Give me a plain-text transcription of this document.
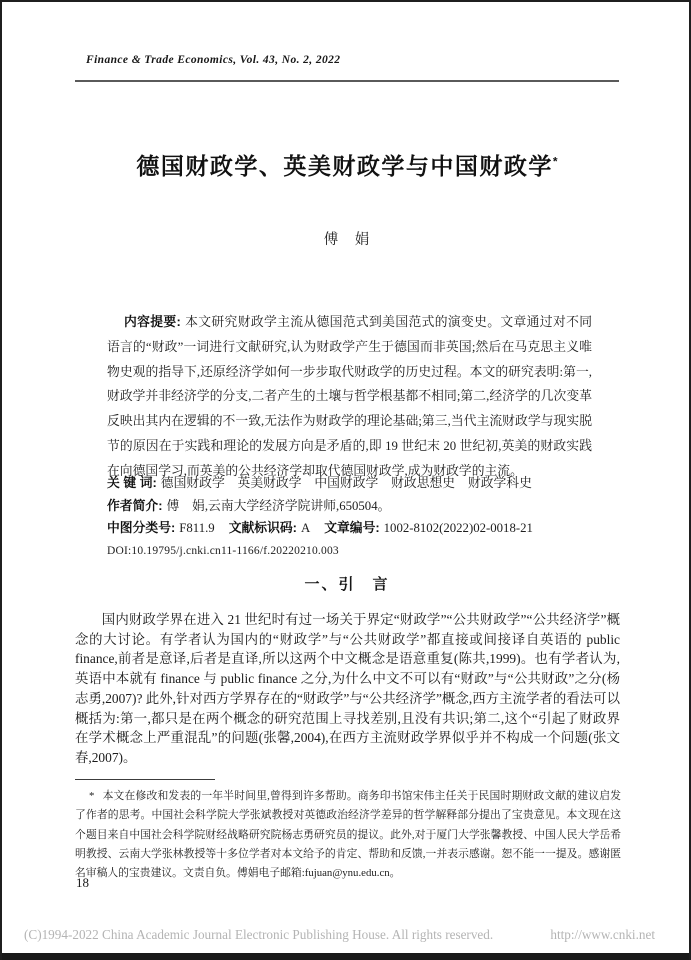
Finance & Trade Economics, Vol. 43, No. 2, 2022
德国财政学、英美财政学与中国财政学*
傅　娟

内容提要: 本文研究财政学主流从德国范式到美国范式的演变史。文章通过对不同语言的“财政”一词进行文献研究,认为财政学产生于德国而非英国;然后在马克思主义唯物史观的指导下,还原经济学如何一步步取代财政学的历史过程。本文的研究表明:第一,财政学并非经济学的分支,二者产生的土壤与哲学根基都不相同;第二,经济学的几次变革反映出其内在逻辑的不一致,无法作为财政学的理论基础;第三,当代主流财政学与现实脱节的原因在于实践和理论的发展方向是矛盾的,即 19 世纪末 20 世纪初,英美的财政实践在向德国学习,而英美的公共经济学却取代德国财政学,成为财政学的主流。

关 键 词: 德国财政学　英美财政学　中国财政学　财政思想史　财政学科史
作者简介: 傅　娟,云南大学经济学院讲师,650504。
中图分类号: F811.9 文献标识码: A 文章编号: 1002-8102(2022)02-0018-21
DOI:10.19795/j.cnki.cn11-1166/f.20220210.003
一、引　言

国内财政学界在进入 21 世纪时有过一场关于界定“财政学”“公共财政学”“公共经济学”概念的大讨论。有学者认为国内的“财政学”与“公共财政学”都直接或间接译自英语的 public finance,前者是意译,后者是直译,所以这两个中文概念是语意重复(陈共,1999)。也有学者认为,英语中本就有 finance 与 public finance 之分,为什么中文不可以有“财政”与“公共财政”之分(杨志勇,2007)? 此外,针对西方学界存在的“财政学”与“公共经济学”概念,西方主流学者的看法可以概括为:第一,都只是在两个概念的研究范围上寻找差别,且没有共识;第二,这个“引起了财政界在学术概念上严重混乱”的问题(张馨,2004),在西方主流财政学界似乎并不构成一个问题(张文春,2007)。

* 本文在修改和发表的一年半时间里,曾得到许多帮助。商务印书馆宋伟主任关于民国时期财政文献的建议启发了作者的思考。中国社会科学院大学张斌教授对英德政治经济学差异的哲学解释部分提出了宝贵意见。本文现在这个题目来自中国社会科学院财经战略研究院杨志勇研究员的提议。此外,对于厦门大学张馨教授、中国人民大学岳希明教授、云南大学张林教授等十多位学者对本文给予的肯定、帮助和反馈,一并表示感谢。恕不能一一提及。感谢匿名审稿人的宝贵建议。文责自负。傅娟电子邮箱:fujuan@ynu.edu.cn。

18
(C)1994-2022 China Academic Journal Electronic Publishing House. All rights reserved.	http://www.cnki.net
